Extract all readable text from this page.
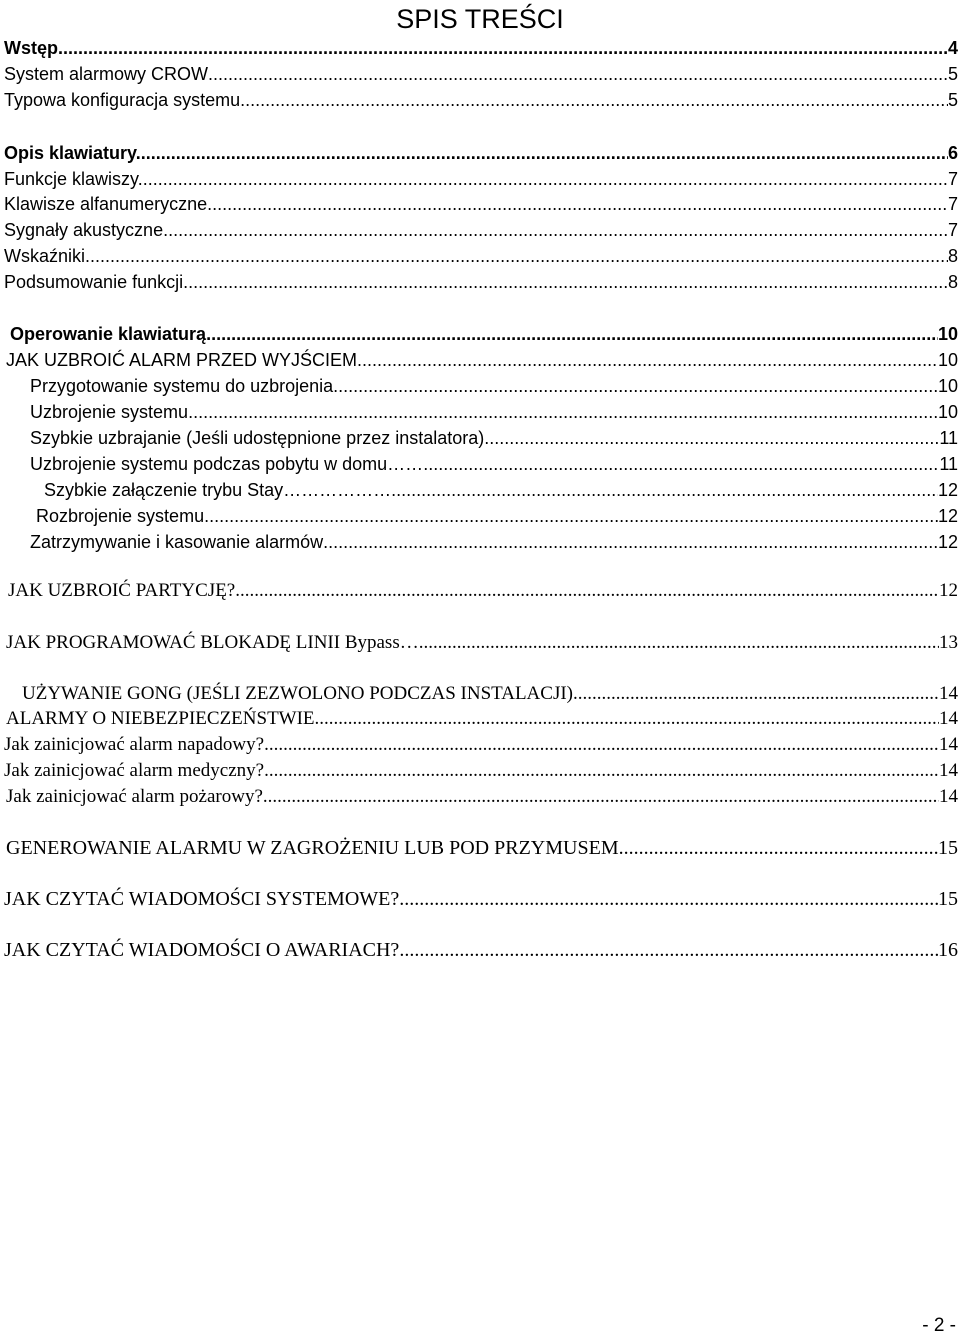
SPIS TREŚCI
Wstęp .....	4
System alarmowy CROW .....	5
Typowa konfiguracja systemu. .....	5
Opis klawiatury. .....	6
Funkcje klawiszy. .....	7
Klawisze alfanumeryczne. .....	7
Sygnały akustyczne. .....	7
Wskaźniki. .....	8
Podsumowanie funkcji. .....	8
Operowanie klawiaturą .....	10
JAK UZBROIĆ ALARM PRZED WYJŚCIEM .....	10
Przygotowanie systemu do uzbrojenia .....	10
Uzbrojenie systemu .....	10
Szybkie uzbrajanie (Jeśli udostępnione przez instalatora) .....	11
Uzbrojenie systemu podczas pobytu w domu…… .....	11
Szybkie załączenie trybu Stay……………… .....	12
Rozbrojenie systemu .....	12
Zatrzymywanie i kasowanie alarmów .....	12
JAK UZBROIĆ PARTYCJĘ? .....	12
JAK PROGRAMOWAĆ BLOKADĘ LINII Bypass… .....	13
UŻYWANIE GONG (JEŚLI ZEZWOLONO PODCZAS INSTALACJI) .....	14
ALARMY O NIEBEZPIECZEŃSTWIE .....	14
Jak zainicjować alarm napadowy? .....	14
Jak zainicjować alarm medyczny? .....	14
Jak zainicjować alarm pożarowy? .....	14
GENEROWANIE ALARMU W ZAGROŻENIU LUB POD PRZYMUSEM .....	15
JAK CZYTAĆ WIADOMOŚCI SYSTEMOWE? .....	15
JAK CZYTAĆ WIADOMOŚCI O AWARIACH? .....	16
- 2 -
